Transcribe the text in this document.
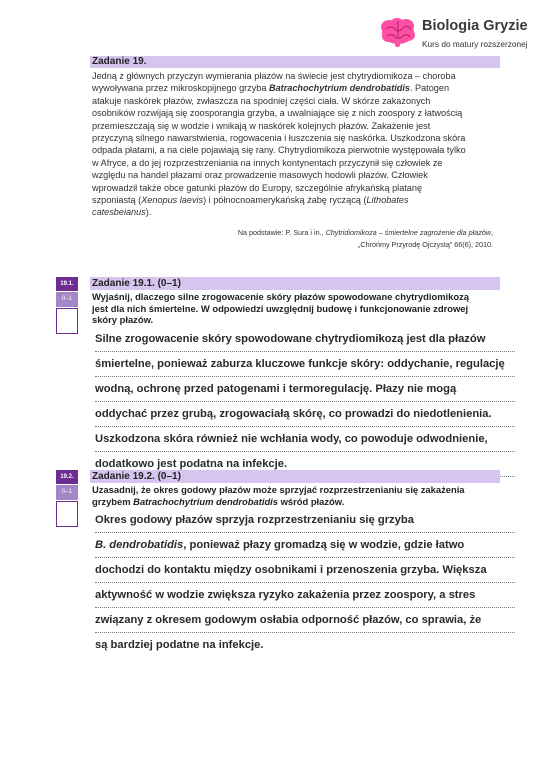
Biologia Gryzie
Kurs do matury rozszerzonej
Zadanie 19.
Jedną z głównych przyczyn wymierania płazów na świecie jest chytrydiomikoza – choroba
wywoływana przez mikroskopijnego grzyba Batrachochytrium dendrobatidis. Patogen
atakuje naskórek płazów, zwłaszcza na spodniej części ciała. W skórze zakażonych
osobników rozwijają się zoosporangia grzyba, a uwalniające się z nich zoospory z łatwością
przemieszczają się w wodzie i wnikają w naskórek kolejnych płazów. Zakażenie jest
przyczyną silnego nawarstwienia, rogowacenia i łuszczenia się naskórka. Uszkodzona skóra
odpada płatami, a na ciele pojawiają się rany. Chytrydiomikoza pierwotnie występowała tylko
w Afryce, a do jej rozprzestrzeniania na innych kontynentach przyczynił się człowiek ze
względu na handel płazami oraz prowadzenie masowych hodowli płazów. Człowiek
wprowadził także obce gatunki płazów do Europy, szczególnie afrykańską platanę
szponiastą (Xenopus laevis) i północnoamerykańską żabę ryczącą (Lithobates
catesbeianus).
Na podstawie: P. Sura i in., Chytridiomikoza – śmiertelne zagrożenie dla płazów,
„Chrońmy Przyrodę Ojczystą” 66(6), 2010.
19.1.
0–1
Zadanie 19.1. (0–1)
Wyjaśnij, dlaczego silne zrogowacenie skóry płazów spowodowane chytrydiomikozą
jest dla nich śmiertelne. W odpowiedzi uwzględnij budowę i funkcjonowanie zdrowej
skóry płazów.
Silne zrogowacenie skóry spowodowane chytrydiomikozą jest dla płazów
śmiertelne, ponieważ zaburza kluczowe funkcje skóry: oddychanie, regulację
wodną, ochronę przed patogenami i termoregulację. Płazy nie mogą
oddychać przez grubą, zrogowaciałą skórę, co prowadzi do niedotlenienia.
Uszkodzona skóra również nie wchłania wody, co powoduje odwodnienie,
dodatkowo jest podatna na infekcje.
19.2.
0–1
Zadanie 19.2. (0–1)
Uzasadnij, że okres godowy płazów może sprzyjać rozprzestrzenianiu się zakażenia
grzybem Batrachochytrium dendrobatidis wśród płazów.
Okres godowy płazów sprzyja rozprzestrzenianiu się grzyba
B. dendrobatidis, ponieważ płazy gromadzą się w wodzie, gdzie łatwo
dochodzi do kontaktu między osobnikami i przenoszenia grzyba. Większa
aktywność w wodzie zwiększa ryzyko zakażenia przez zoospory, a stres
związany z okresem godowym osłabia odporność płazów, co sprawia, że
są bardziej podatne na infekcje.
